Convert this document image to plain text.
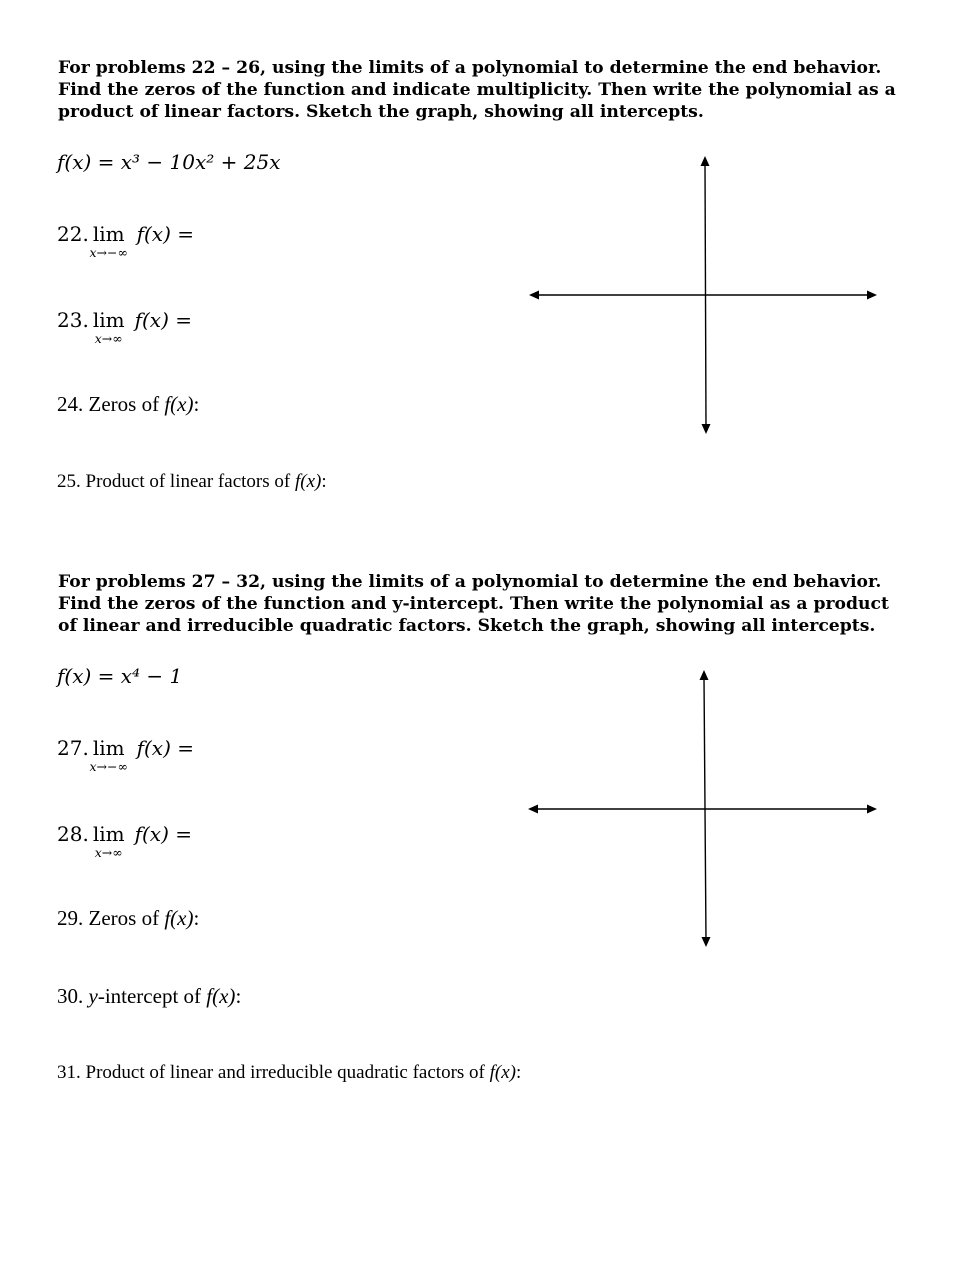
For problems 22 – 26, using the limits of a polynomial to determine the end behavior.
Find the zeros of the function and indicate multiplicity. Then write the polynomial as a
product of linear factors. Sketch the graph, showing all intercepts.
f(x) = x³ − 10x² + 25x
22. lim
x→−∞
f(x) =
23. lim
x→∞
f(x) =
24. Zeros of f(x):
25. Product of linear factors of f(x):
For problems 27 – 32, using the limits of a polynomial to determine the end behavior.
Find the zeros of the function and y-intercept. Then write the polynomial as a product
of linear and irreducible quadratic factors. Sketch the graph, showing all intercepts.
f(x) = x⁴ − 1
27. lim
x→−∞
f(x) =
28. lim
x→∞
f(x) =
29. Zeros of f(x):
30. y-intercept of f(x):
31. Product of linear and irreducible quadratic factors of f(x):
